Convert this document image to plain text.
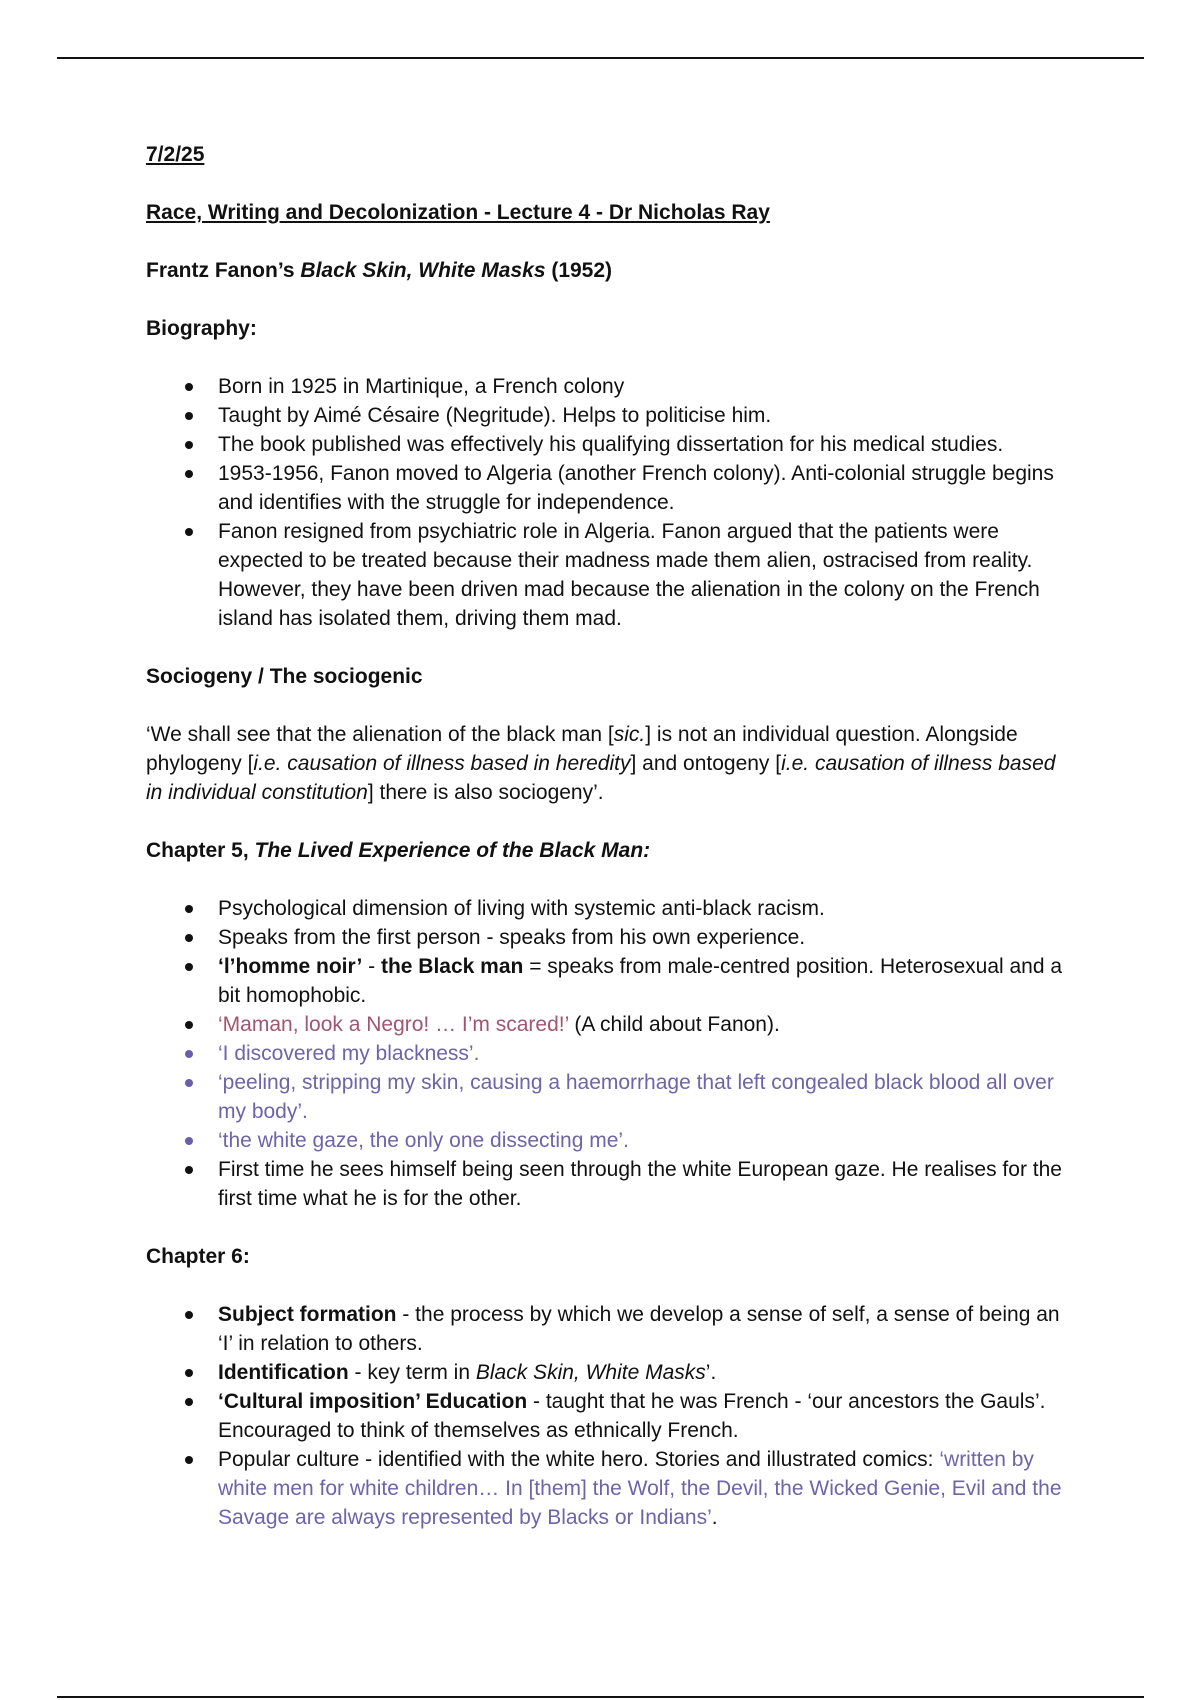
7/2/25

Race, Writing and Decolonization - Lecture 4 - Dr Nicholas Ray

Frantz Fanon’s Black Skin, White Masks (1952)

Biography:

Born in 1925 in Martinique, a French colony
Taught by Aimé Césaire (Negritude). Helps to politicise him.
The book published was effectively his qualifying dissertation for his medical studies.
1953-1956, Fanon moved to Algeria (another French colony). Anti-colonial struggle begins and identifies with the struggle for independence.
Fanon resigned from psychiatric role in Algeria. Fanon argued that the patients were expected to be treated because their madness made them alien, ostracised from reality. However, they have been driven mad because the alienation in the colony on the French island has isolated them, driving them mad.

Sociogeny / The sociogenic

‘We shall see that the alienation of the black man [sic.] is not an individual question. Alongside phylogeny [i.e. causation of illness based in heredity] and ontogeny [i.e. causation of illness based in individual constitution] there is also sociogeny’.

Chapter 5, The Lived Experience of the Black Man:

Psychological dimension of living with systemic anti-black racism.
Speaks from the first person - speaks from his own experience.
‘l’homme noir’ - the Black man = speaks from male-centred position. Heterosexual and a bit homophobic.
‘Maman, look a Negro! … I’m scared!’ (A child about Fanon).
‘I discovered my blackness’.
‘peeling, stripping my skin, causing a haemorrhage that left congealed black blood all over my body’.
‘the white gaze, the only one dissecting me’.
First time he sees himself being seen through the white European gaze. He realises for the first time what he is for the other.

Chapter 6:

Subject formation - the process by which we develop a sense of self, a sense of being an ‘I’ in relation to others.
Identification - key term in Black Skin, White Masks’.
‘Cultural imposition’ Education - taught that he was French - ‘our ancestors the Gauls’. Encouraged to think of themselves as ethnically French.
Popular culture - identified with the white hero. Stories and illustrated comics: ‘written by white men for white children… In [them] the Wolf, the Devil, the Wicked Genie, Evil and the Savage are always represented by Blacks or Indians’.
